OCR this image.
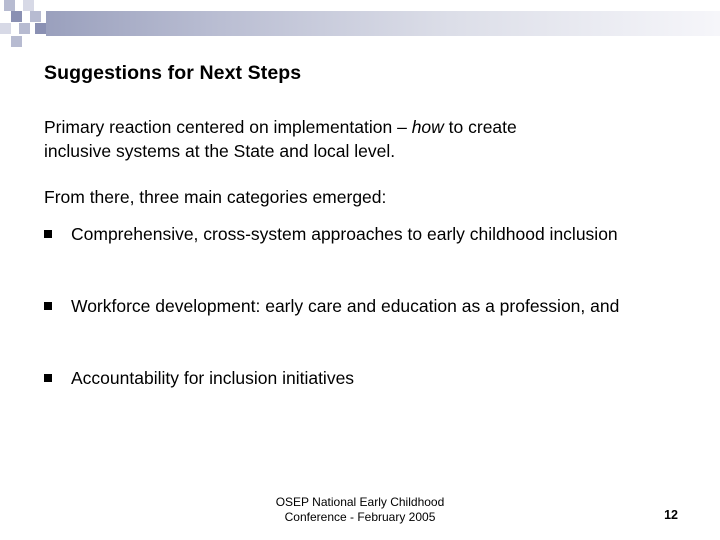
Suggestions for Next Steps
Primary reaction centered on implementation – how to create
inclusive systems at the State and local level.
From there, three main categories emerged:
Comprehensive, cross-system approaches to early childhood inclusion
Workforce development: early care and education as a profession, and
Accountability for inclusion initiatives
OSEP National Early Childhood
Conference - February 2005	12
